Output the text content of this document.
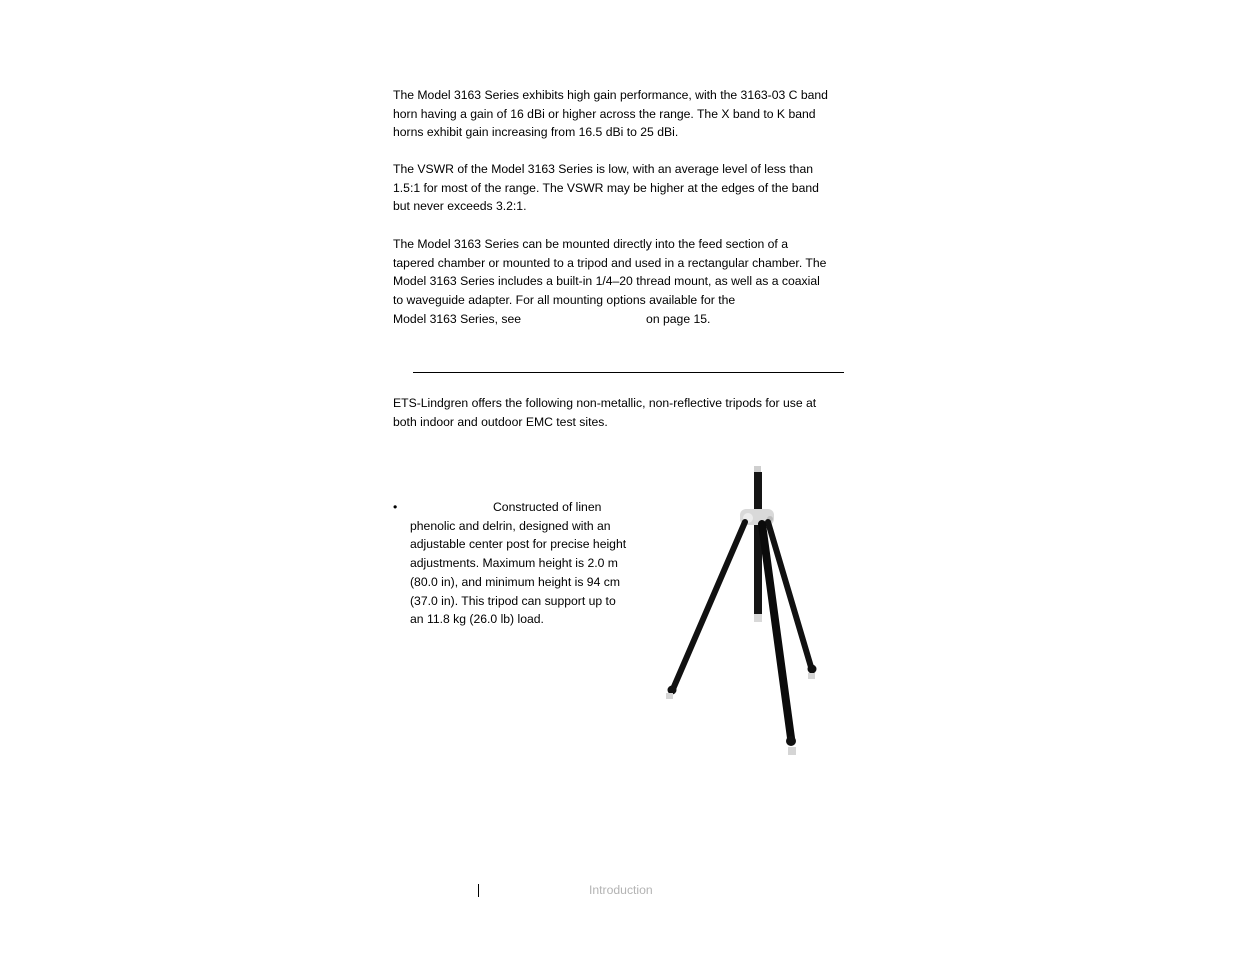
The Model 3163 Series exhibits high gain performance, with the 3163-03 C band
horn having a gain of 16 dBi or higher across the range. The X band to K band
horns exhibit gain increasing from 16.5 dBi to 25 dBi.

The VSWR of the Model 3163 Series is low, with an average level of less than
1.5:1 for most of the range. The VSWR may be higher at the edges of the band
but never exceeds 3.2:1.

The Model 3163 Series can be mounted directly into the feed section of a
tapered chamber or mounted to a tripod and used in a rectangular chamber. The
Model 3163 Series includes a built-in 1/4–20 thread mount, as well as a coaxial
to waveguide adapter. For all mounting options available for the
Model 3163 Series, see	on page 15.

ETS-Lindgren offers the following non-metallic, non-reflective tripods for use at
both indoor and outdoor EMC test sites.

•	Constructed of linen
phenolic and delrin, designed with an
adjustable center post for precise height
adjustments. Maximum height is 2.0 m
(80.0 in), and minimum height is 94 cm
(37.0 in). This tripod can support up to
an 11.8 kg (26.0 lb) load.
Introduction
